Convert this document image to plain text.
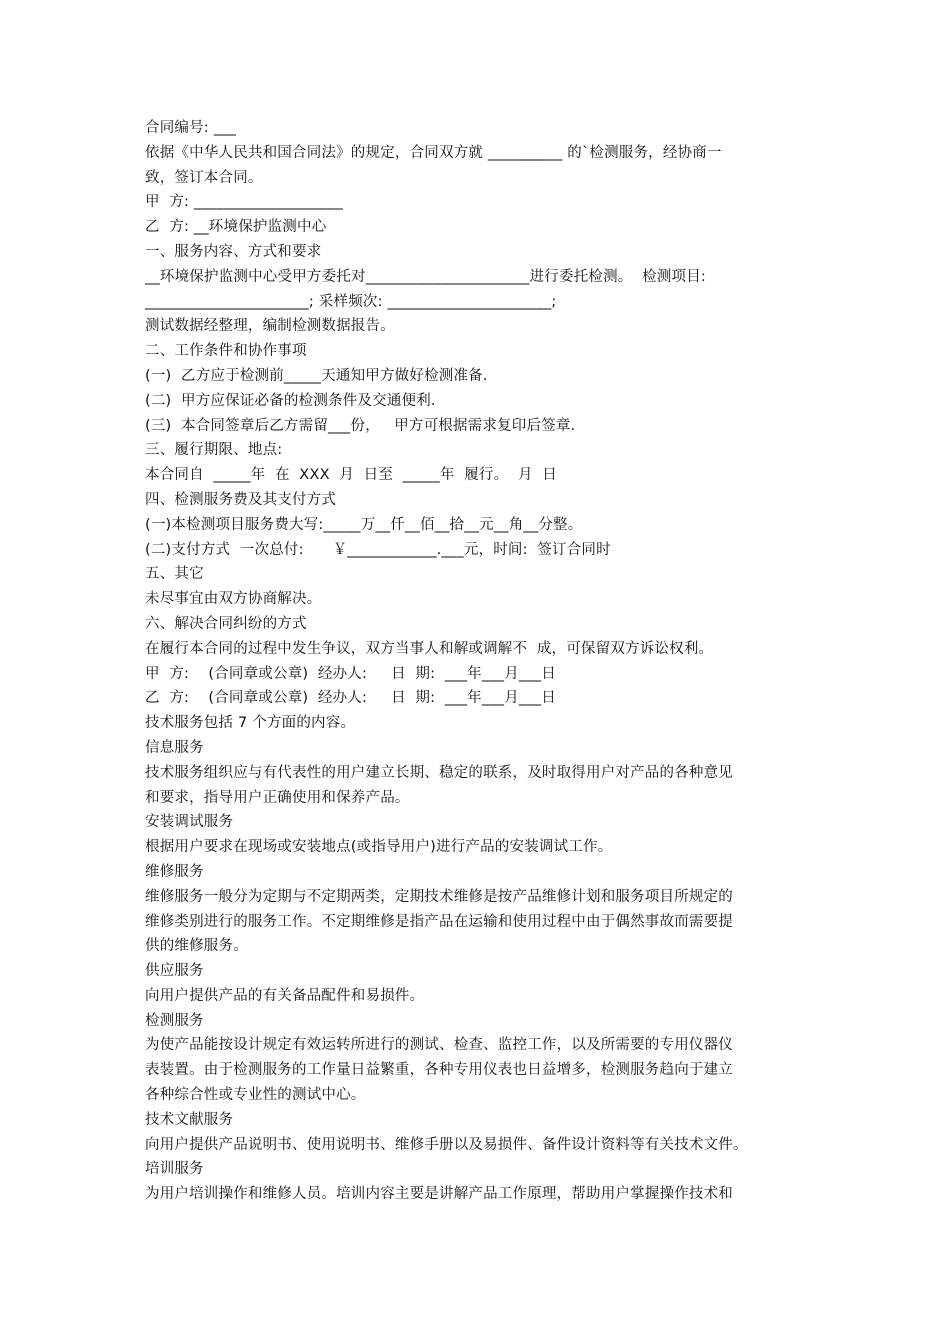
合同编号: ___

依据《中华人民共和国合同法》的规定，合同双方就 __________ 的`检测服务，经协商一

致，签订本合同。

甲  方: ____________________

乙  方: __环境保护监测中心

一、服务内容、方式和要求

__环境保护监测中心受甲方委托对______________________进行委托检测。  检测项目:

______________________; 采样频次: ______________________;

测试数据经整理，编制检测数据报告。

二、工作条件和协作事项

(一)  乙方应于检测前_____天通知甲方做好检测准备.

(二)  甲方应保证必备的检测条件及交通便利.

(三)  本合同签章后乙方需留___份，   甲方可根据需求复印后签章.

三、履行期限、地点:

本合同自  _____年  在  XXX  月  日至  _____年  履行。  月  日

四、检测服务费及其支付方式

(一)本检测项目服务费大写:_____万__仟__佰__拾__元__角__分整。

(二)支付方式  一次总付:      ￥____________.___元，时间:  签订合同时

五、其它

未尽事宜由双方协商解决。

六、解决合同纠纷的方式

在履行本合同的过程中发生争议，双方当事人和解或调解不  成，可保留双方诉讼权利。

甲  方:    (合同章或公章)  经办人:     日  期:  ___年___月___日

乙  方:    (合同章或公章)  经办人:     日  期:  ___年___月___日

技术服务包括 7 个方面的内容。

信息服务

技术服务组织应与有代表性的用户建立长期、稳定的联系，及时取得用户对产品的各种意见

和要求，指导用户正确使用和保养产品。

安装调试服务

根据用户要求在现场或安装地点(或指导用户)进行产品的安装调试工作。

维修服务

维修服务一般分为定期与不定期两类，定期技术维修是按产品维修计划和服务项目所规定的

维修类别进行的服务工作。不定期维修是指产品在运输和使用过程中由于偶然事故而需要提

供的维修服务。

供应服务

向用户提供产品的有关备品配件和易损件。

检测服务

为使产品能按设计规定有效运转所进行的测试、检查、监控工作，以及所需要的专用仪器仪

表装置。由于检测服务的工作量日益繁重，各种专用仪表也日益增多，检测服务趋向于建立

各种综合性或专业性的测试中心。

技术文献服务

向用户提供产品说明书、使用说明书、维修手册以及易损件、备件设计资料等有关技术文件。

培训服务

为用户培训操作和维修人员。培训内容主要是讲解产品工作原理，帮助用户掌握操作技术和
